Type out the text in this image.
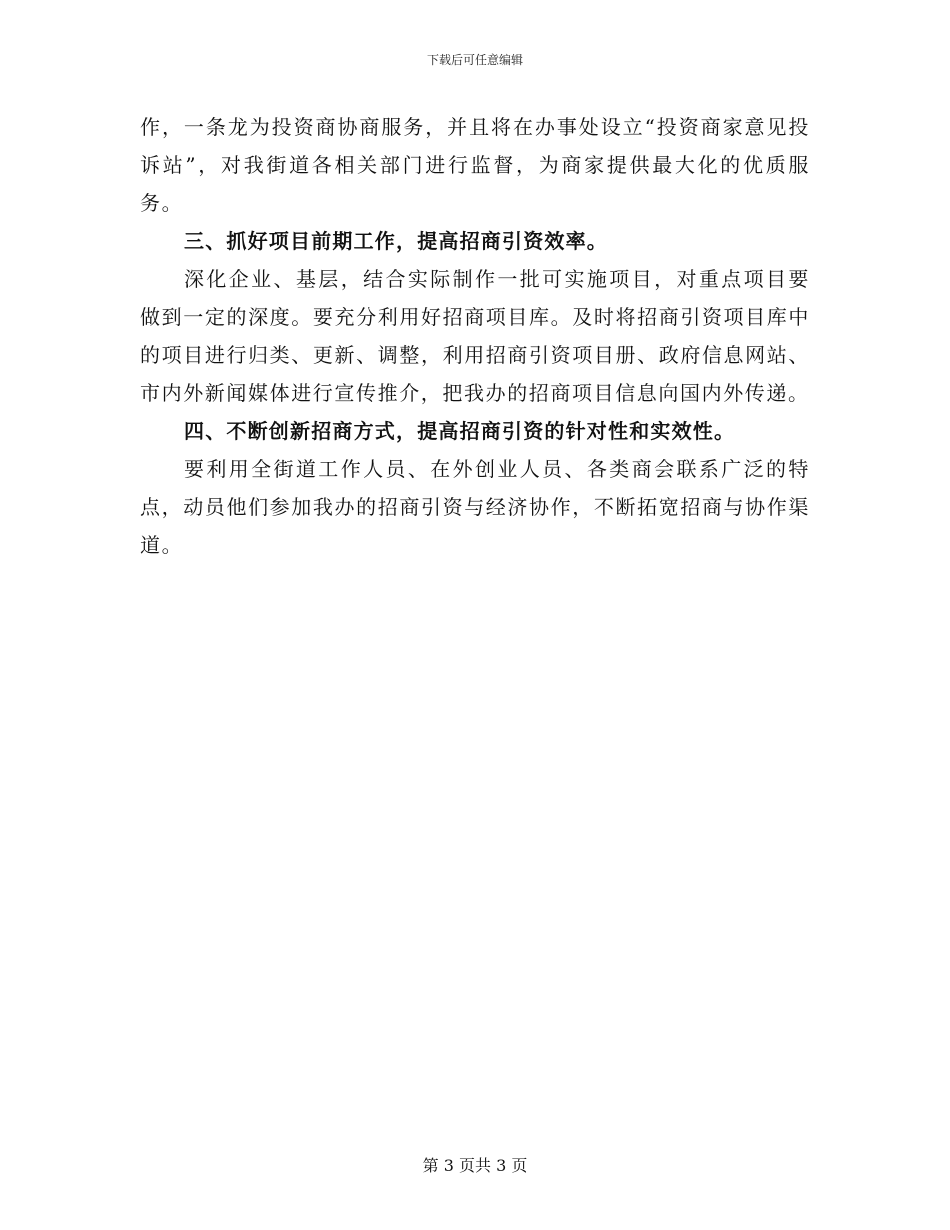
下载后可任意编辑

作，一条龙为投资商协商服务，并且将在办事处设立“投资商家意见投诉站”，对我街道各相关部门进行监督，为商家提供最大化的优质服务。

三、抓好项目前期工作，提高招商引资效率。

深化企业、基层，结合实际制作一批可实施项目，对重点项目要做到一定的深度。要充分利用好招商项目库。及时将招商引资项目库中的项目进行归类、更新、调整，利用招商引资项目册、政府信息网站、市内外新闻媒体进行宣传推介，把我办的招商项目信息向国内外传递。

四、不断创新招商方式，提高招商引资的针对性和实效性。

要利用全街道工作人员、在外创业人员、各类商会联系广泛的特点，动员他们参加我办的招商引资与经济协作，不断拓宽招商与协作渠道。

第 3 页共 3 页
